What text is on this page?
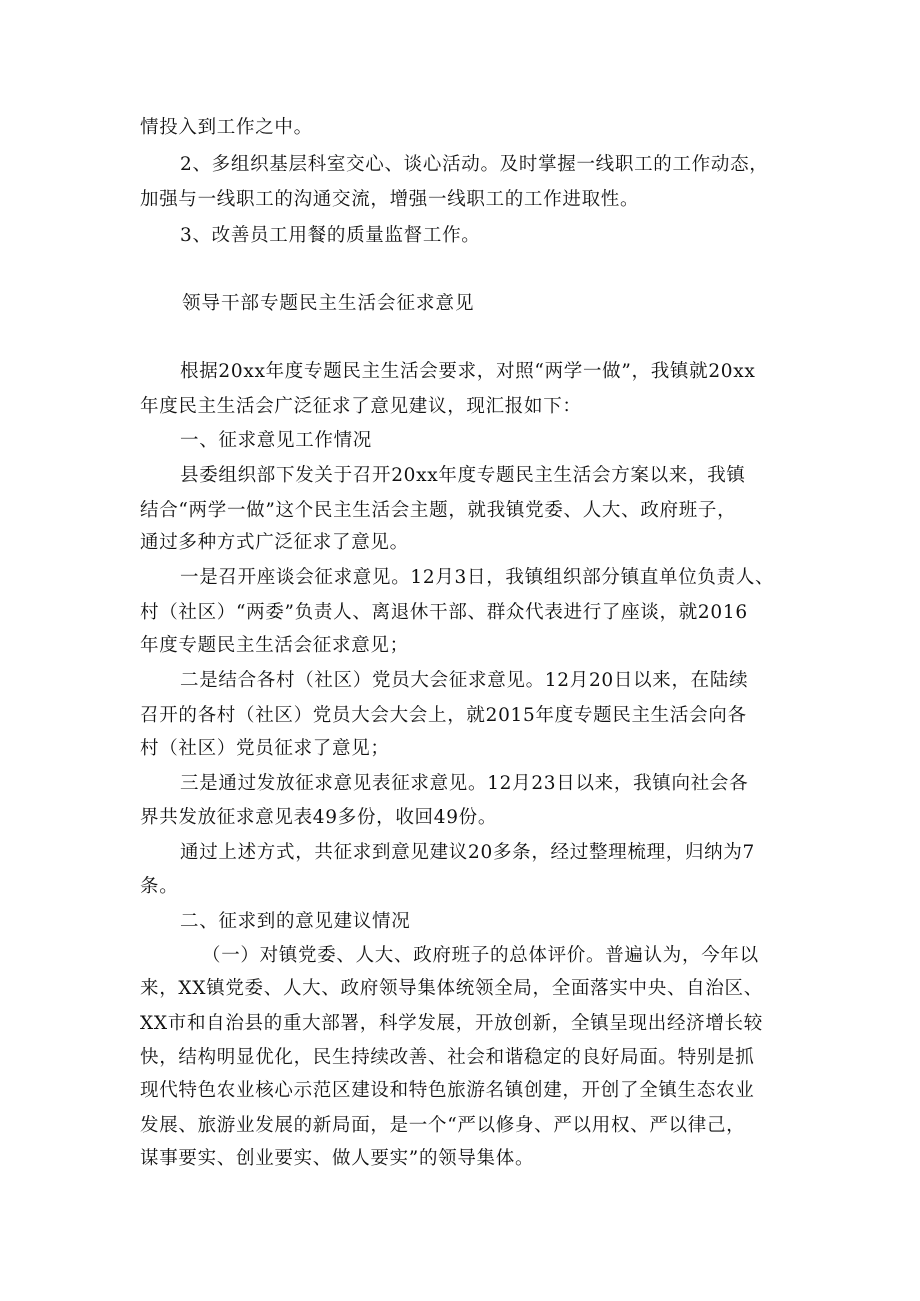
情投入到工作之中。

2、多组织基层科室交心、谈心活动。及时掌握一线职工的工作动态，

加强与一线职工的沟通交流，增强一线职工的工作进取性。

3、改善员工用餐的质量监督工作。

领导干部专题民主生活会征求意见

根据20xx年度专题民主生活会要求，对照“两学一做”，我镇就20xx

年度民主生活会广泛征求了意见建议，现汇报如下：

一、征求意见工作情况

县委组织部下发关于召开20xx年度专题民主生活会方案以来，我镇

结合“两学一做”这个民主生活会主题，就我镇党委、人大、政府班子，

通过多种方式广泛征求了意见。

一是召开座谈会征求意见。12月3日，我镇组织部分镇直单位负责人、

村（社区）“两委”负责人、离退休干部、群众代表进行了座谈，就2016

年度专题民主生活会征求意见；

二是结合各村（社区）党员大会征求意见。12月20日以来，在陆续

召开的各村（社区）党员大会大会上，就2015年度专题民主生活会向各

村（社区）党员征求了意见；

三是通过发放征求意见表征求意见。12月23日以来，我镇向社会各

界共发放征求意见表49多份，收回49份。

通过上述方式，共征求到意见建议20多条，经过整理梳理，归纳为7

条。

二、征求到的意见建议情况

（一）对镇党委、人大、政府班子的总体评价。普遍认为，今年以

来，XX镇党委、人大、政府领导集体统领全局，全面落实中央、自治区、

XX市和自治县的重大部署，科学发展，开放创新，全镇呈现出经济增长较

快，结构明显优化，民生持续改善、社会和谐稳定的良好局面。特别是抓

现代特色农业核心示范区建设和特色旅游名镇创建，开创了全镇生态农业

发展、旅游业发展的新局面，是一个“严以修身、严以用权、严以律己，

谋事要实、创业要实、做人要实”的领导集体。
